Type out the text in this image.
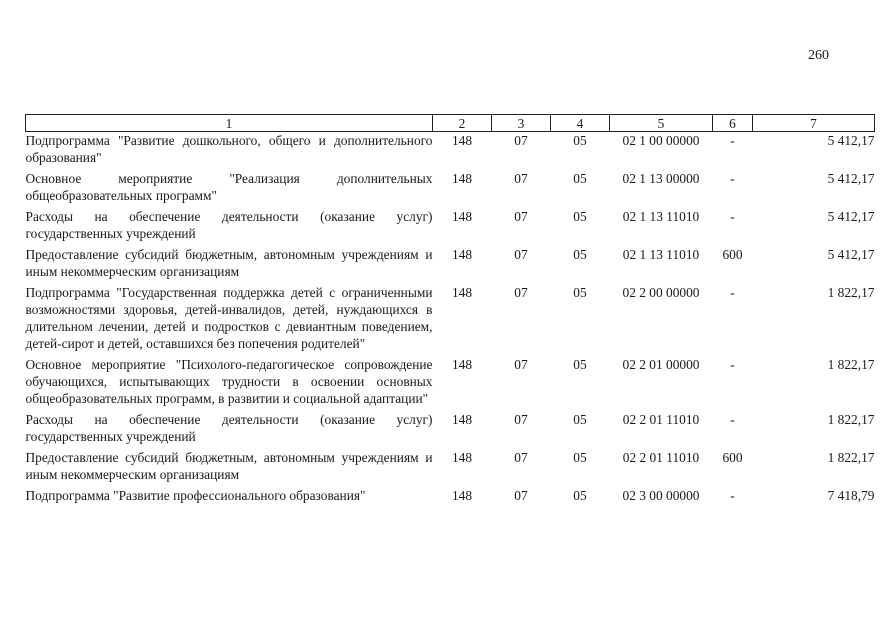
260
1	2	3	4	5	6	7
Подпрограмма "Развитие дошкольного, общего и дополнительного образования"	148	07	05	02 1 00 00000	-	5 412,17
Основное мероприятие "Реализация дополнительных общеобразовательных программ"	148	07	05	02 1 13 00000	-	5 412,17
Расходы на обеспечение деятельности (оказание услуг) государственных учреждений	148	07	05	02 1 13 11010	-	5 412,17
Предоставление субсидий бюджетным, автономным учреждениям и иным некоммерческим организациям	148	07	05	02 1 13 11010	600	5 412,17
Подпрограмма "Государственная поддержка детей с ограниченными возможностями здоровья, детей-инвалидов, детей, нуждающихся в длительном лечении, детей и подростков с девиантным поведением, детей-сирот и детей, оставшихся без попечения родителей"	148	07	05	02 2 00 00000	-	1 822,17
Основное мероприятие "Психолого-педагогическое сопровождение обучающихся, испытывающих трудности в освоении основных общеобразовательных программ, в развитии и социальной адаптации"	148	07	05	02 2 01 00000	-	1 822,17
Расходы на обеспечение деятельности (оказание услуг) государственных учреждений	148	07	05	02 2 01 11010	-	1 822,17
Предоставление субсидий бюджетным, автономным учреждениям и иным некоммерческим организациям	148	07	05	02 2 01 11010	600	1 822,17
Подпрограмма "Развитие профессионального образования"	148	07	05	02 3 00 00000	-	7 418,79
